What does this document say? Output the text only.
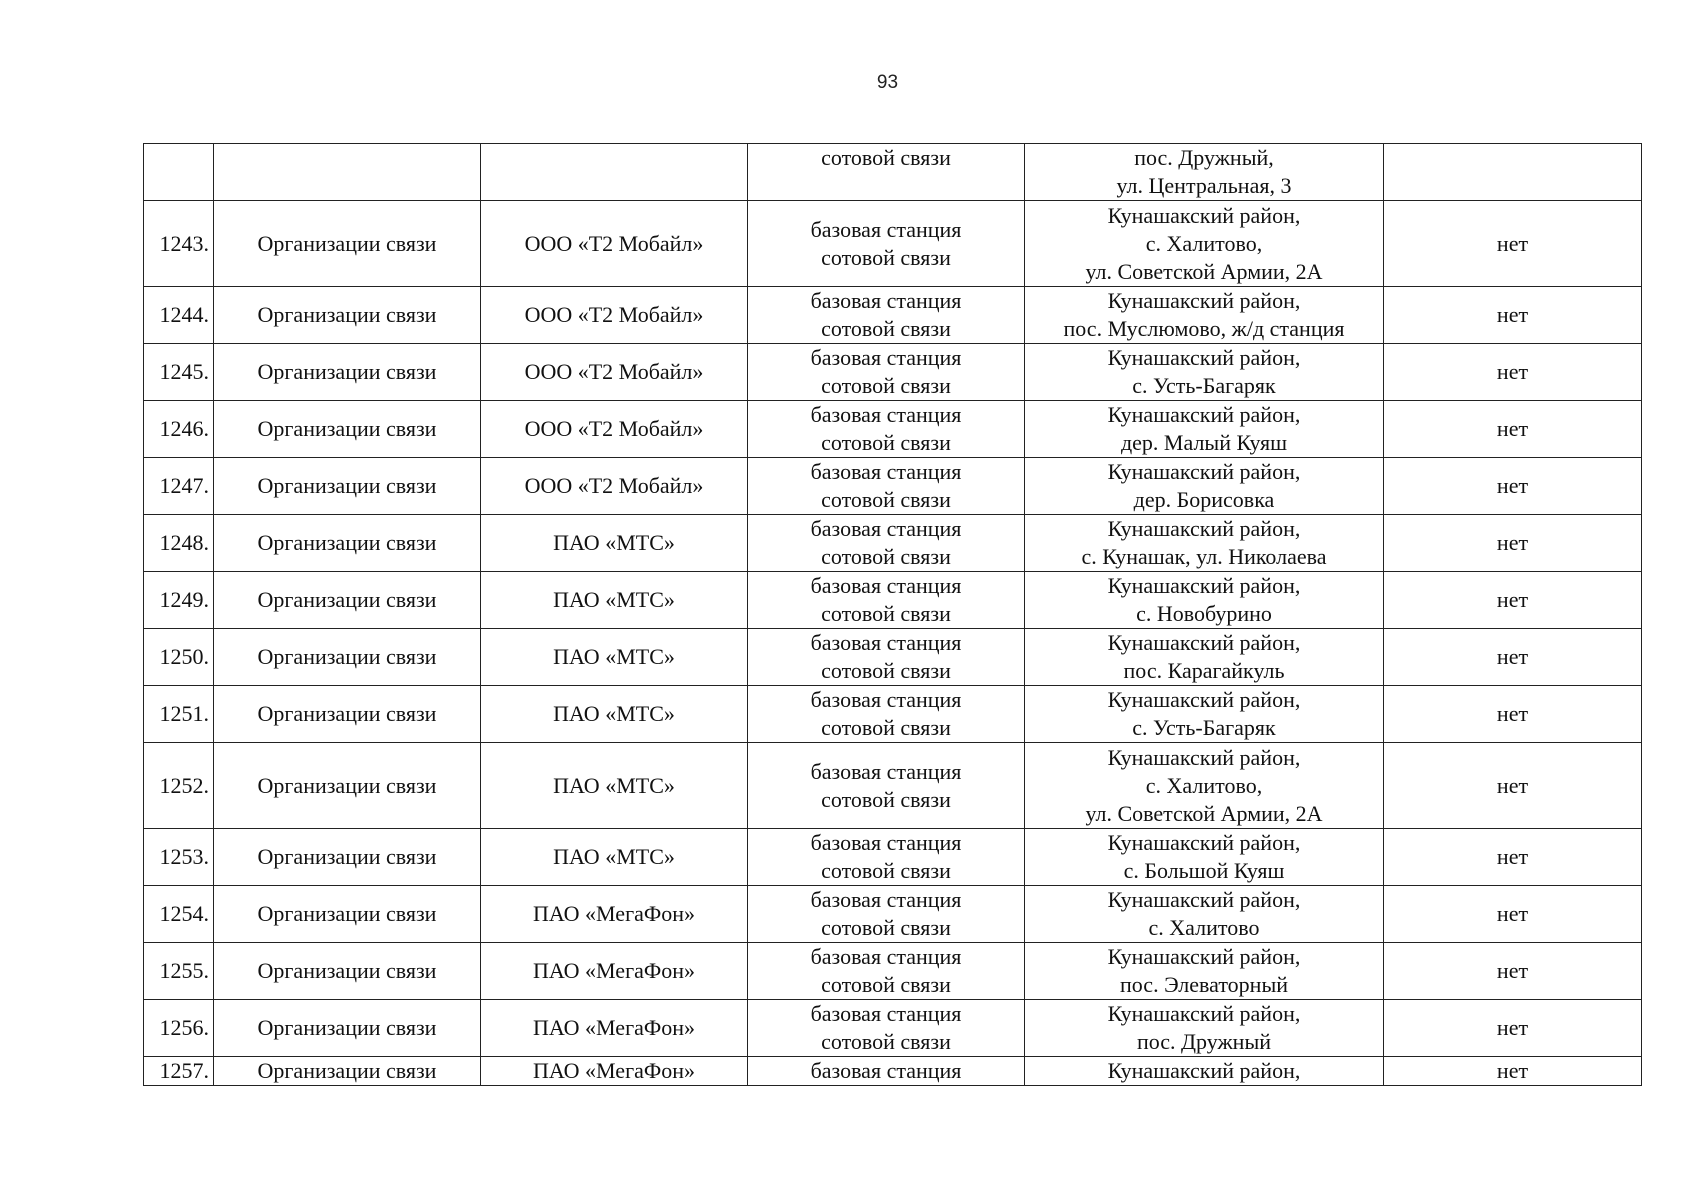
93

			сотовой связи	пос. Дружный,
ул. Центральная, 3	

1243.	Организации связи	ООО «Т2 Мобайл»	базовая станция
сотовой связи	Кунашакский район,
с. Халитово,
ул. Советской Армии, 2А	нет
1244.	Организации связи	ООО «Т2 Мобайл»	базовая станция
сотовой связи	Кунашакский район,
пос. Муслюмово, ж/д станция	нет
1245.	Организации связи	ООО «Т2 Мобайл»	базовая станция
сотовой связи	Кунашакский район,
с. Усть-Багаряк	нет
1246.	Организации связи	ООО «Т2 Мобайл»	базовая станция
сотовой связи	Кунашакский район,
дер. Малый Куяш	нет
1247.	Организации связи	ООО «Т2 Мобайл»	базовая станция
сотовой связи	Кунашакский район,
дер. Борисовка	нет
1248.	Организации связи	ПАО «МТС»	базовая станция
сотовой связи	Кунашакский район,
с. Кунашак, ул. Николаева	нет
1249.	Организации связи	ПАО «МТС»	базовая станция
сотовой связи	Кунашакский район,
с. Новобурино	нет
1250.	Организации связи	ПАО «МТС»	базовая станция
сотовой связи	Кунашакский район,
пос. Карагайкуль	нет
1251.	Организации связи	ПАО «МТС»	базовая станция
сотовой связи	Кунашакский район,
с. Усть-Багаряк	нет
1252.	Организации связи	ПАО «МТС»	базовая станция
сотовой связи	Кунашакский район,
с. Халитово,
ул. Советской Армии, 2А	нет
1253.	Организации связи	ПАО «МТС»	базовая станция
сотовой связи	Кунашакский район,
с. Большой Куяш	нет
1254.	Организации связи	ПАО «МегаФон»	базовая станция
сотовой связи	Кунашакский район,
с. Халитово	нет
1255.	Организации связи	ПАО «МегаФон»	базовая станция
сотовой связи	Кунашакский район,
пос. Элеваторный	нет
1256.	Организации связи	ПАО «МегаФон»	базовая станция
сотовой связи	Кунашакский район,
пос. Дружный	нет
1257.	Организации связи	ПАО «МегаФон»	базовая станция	Кунашакский район,	нет
